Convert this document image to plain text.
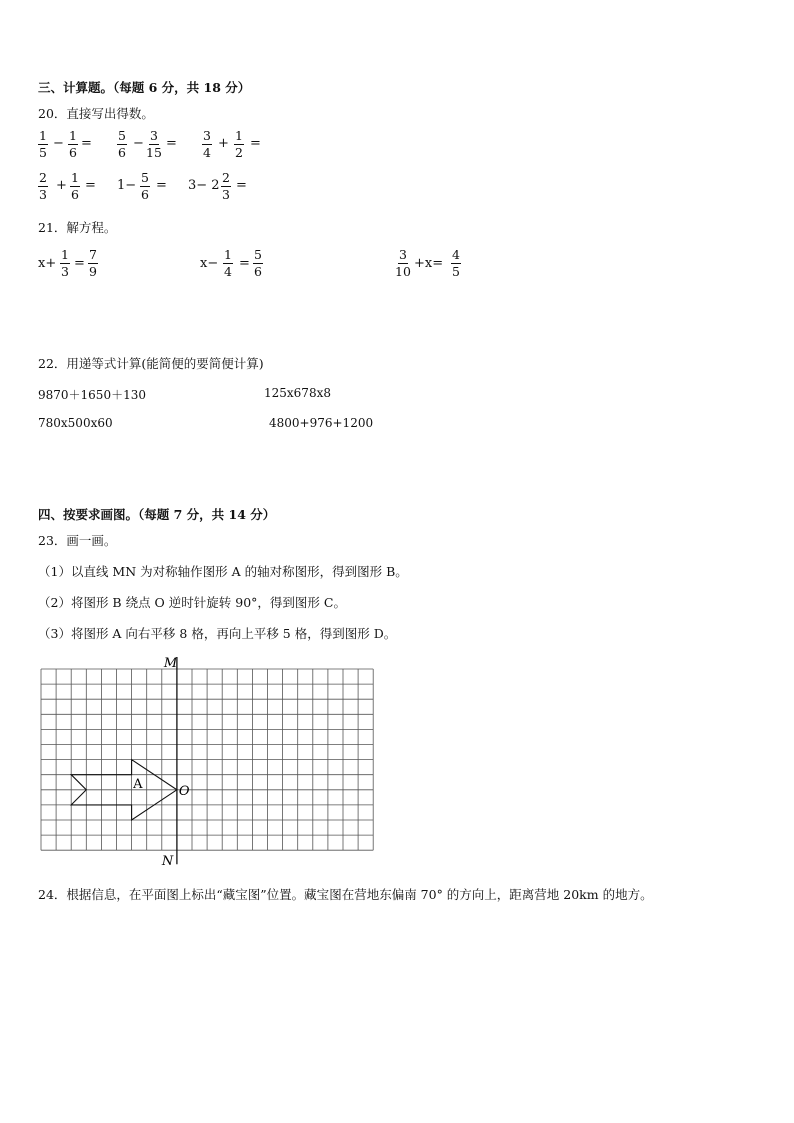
三、计算题。（每题 6 分，共 18 分）
20．直接写出得数。
$\frac{1}{5} - \frac{1}{6} = \frac{5}{6} - \frac{3}{15} = \frac{3}{4} + \frac{1}{2}$ =
$\frac{2}{3} + \frac{1}{6} = 1- \frac{5}{6} = 3- 2 \frac{2}{3}$ =
21．解方程。
$x+ \frac{1}{3} = \frac{7}{9}$	$x- \frac{1}{4} = \frac{5}{6}$	$\frac{3}{10} +x= \frac{4}{5}$
22．用递等式计算(能简便的要简便计算)
9870＋1650＋130	125x678x8
780x500x60	4800+976+1200
四、按要求画图。（每题 7 分，共 14 分）
23．画一画。
（1）以直线 MN 为对称轴作图形 A 的轴对称图形，得到图形 B。
（2）将图形 B 绕点 O 逆时针旋转 90°，得到图形 C。
（3）将图形 A 向右平移 8 格，再向上平移 5 格，得到图形 D。
M
N
O
A
24．根据信息，在平面图上标出“藏宝图”位置。藏宝图在营地东偏南 70° 的方向上，距离营地 20km 的地方。
